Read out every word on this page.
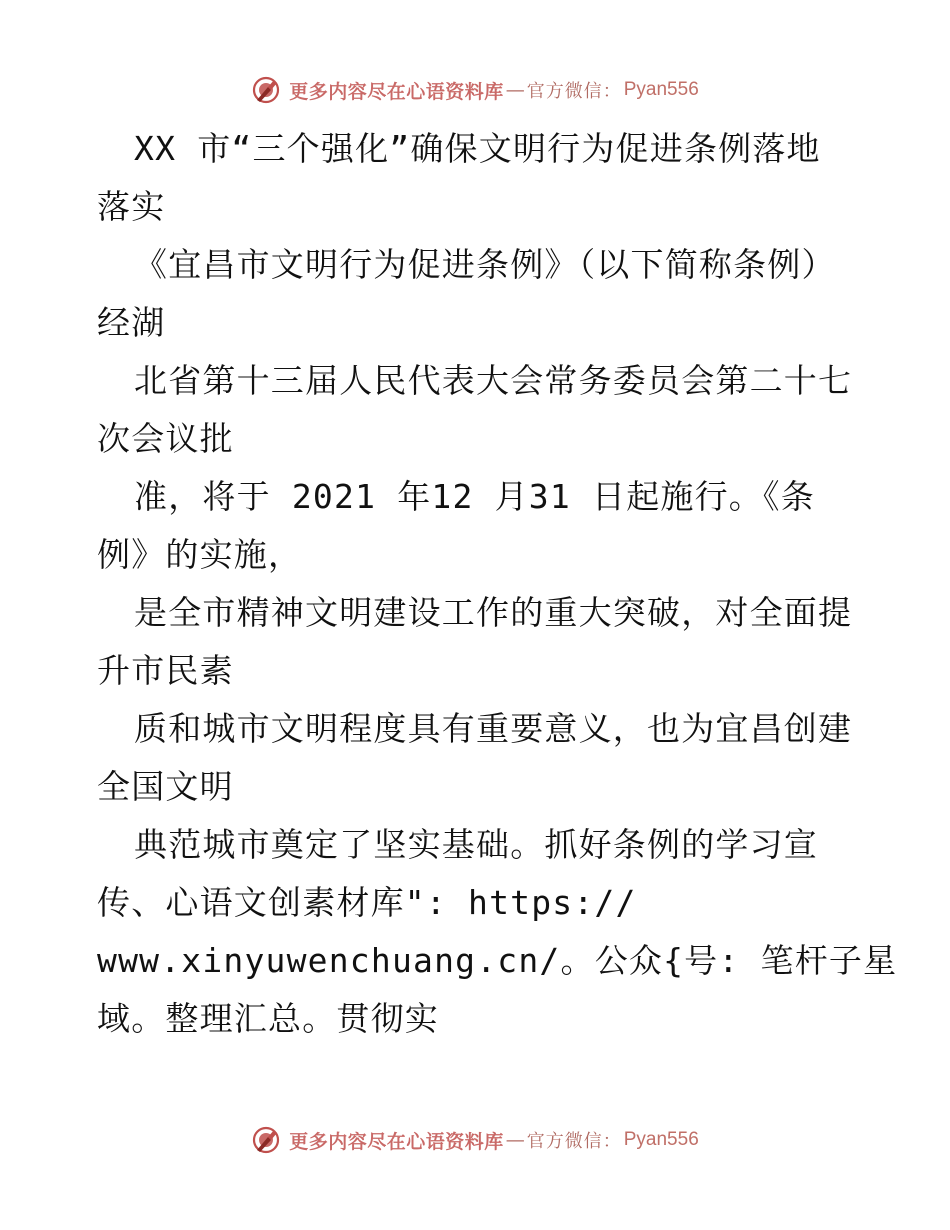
更多内容尽在心语资料库 — 官方微信： Pyan556
XX 市“三个强化”确保文明行为促进条例落地
落实
《宜昌市文明行为促进条例》（以下简称条例）
经湖
北省第十三届人民代表大会常务委员会第二十七
次会议批
准，将于 2021 年12 月31 日起施行。《条
例》的实施，
是全市精神文明建设工作的重大突破，对全面提
升市民素
质和城市文明程度具有重要意义，也为宜昌创建
全国文明
典范城市奠定了坚实基础。抓好条例的学习宣
传、心语文创素材库": https://
www.xinyuwenchuang.cn/。公众{号: 笔杆子星
域。整理汇总。贯彻实
更多内容尽在心语资料库 — 官方微信： Pyan556
